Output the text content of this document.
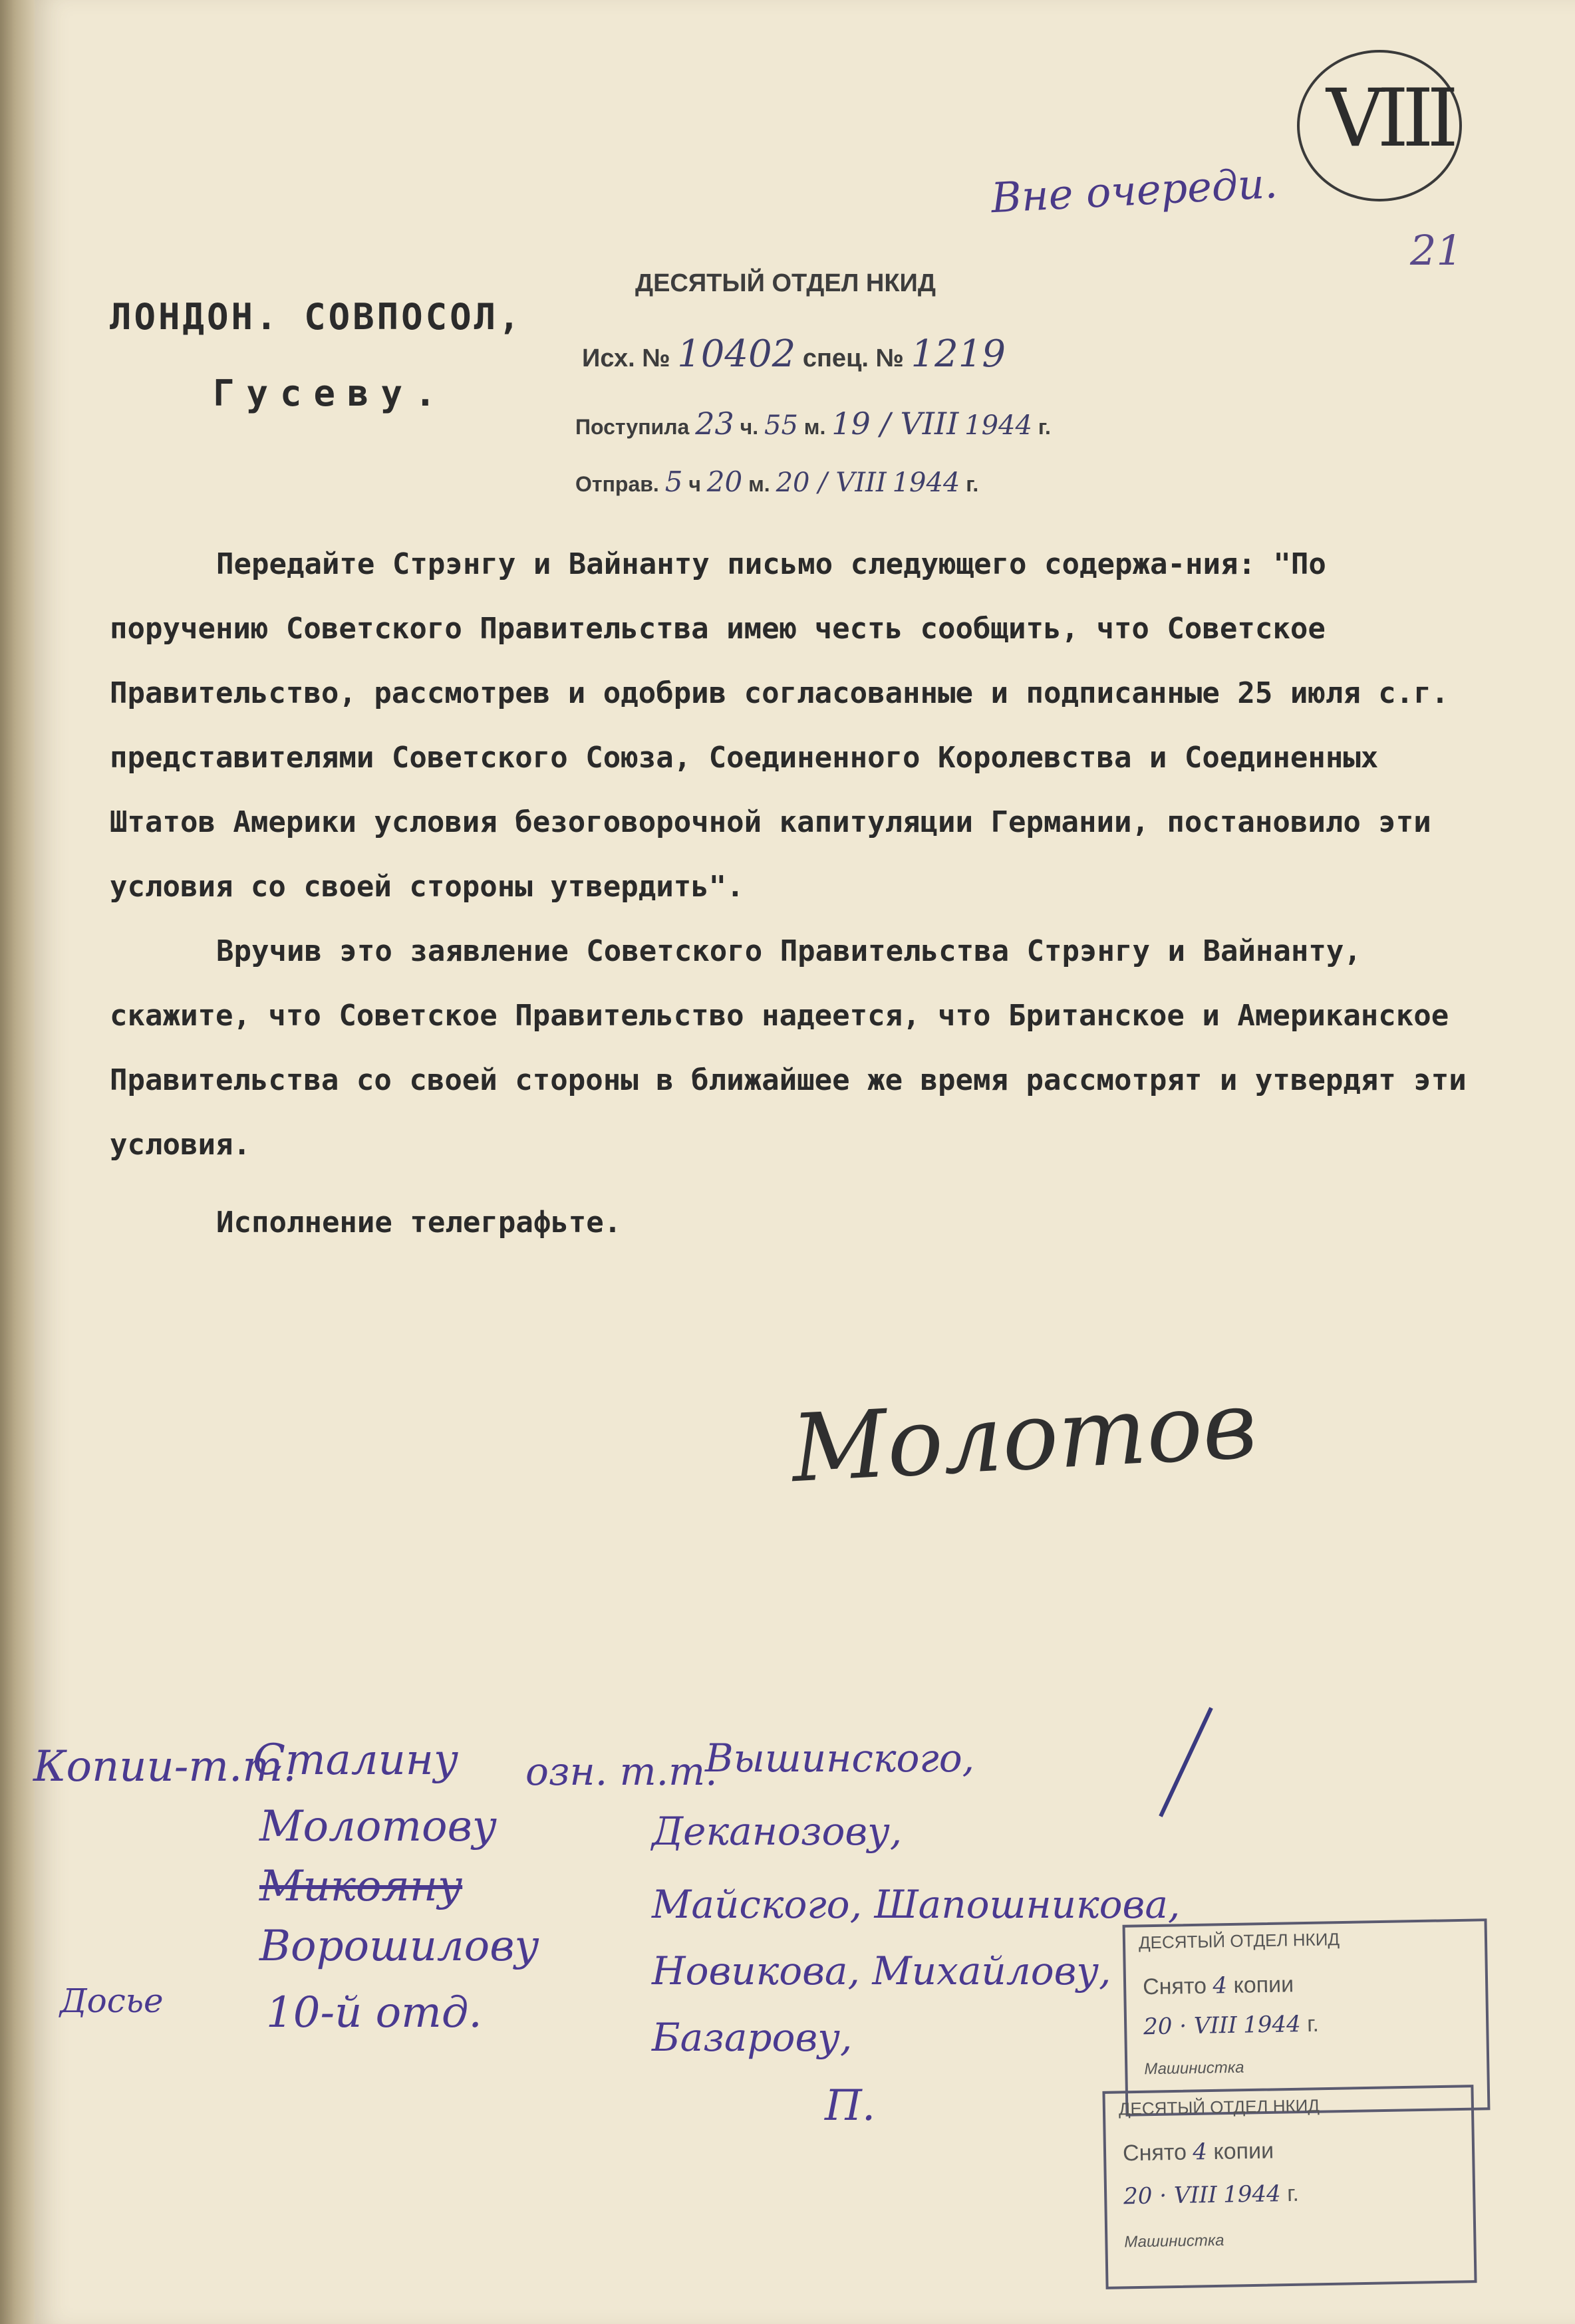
21
VIII
Вне очереди.
ЛОНДОН. СОВПОСОЛ,
Гусеву.
ДЕСЯТЫЙ ОТДЕЛ НКИД
Исх. № 10402 спец. № 1219
Поступила 23 ч. 55 м. 19 / VIII 1944 г.
Отправ. 5 ч 20 м. 20 / VIII 1944 г.

Передайте Стрэнгу и Вайнанту письмо следующего содержа-ния: "По поручению Советского Правительства имею честь сообщить, что Советское Правительство, рассмотрев и одобрив согласованные и подписанные 25 июля с.г. представителями Советского Союза, Соединенного Королевства и Соединенных Штатов Америки условия безоговорочной капитуляции Германии, постановило эти условия со своей стороны утвердить".

Вручив это заявление Советского Правительства Стрэнгу и Вайнанту, скажите, что Советское Правительство надеется, что Британское и Американское Правительства со своей стороны в ближайшее же время рассмотрят и утвердят эти условия.

Исполнение телеграфьте.

Молотов
Копии-т.т.
Сталину
Молотову
Микояну
Ворошилову
Досье 10-й отд.
озн. т.т.
Вышинского,
Деканозову,
Майского, Шапошникова,
Новикова, Михайлову,
Базарову,
П.
ДЕСЯТЫЙ ОТДЕЛ НКИД
Снято 4 копии
20 · VIII 1944 г.
Машинистка
ДЕСЯТЫЙ ОТДЕЛ НКИД
Снято 4 копии
20 · VIII 1944 г.
Машинистка
